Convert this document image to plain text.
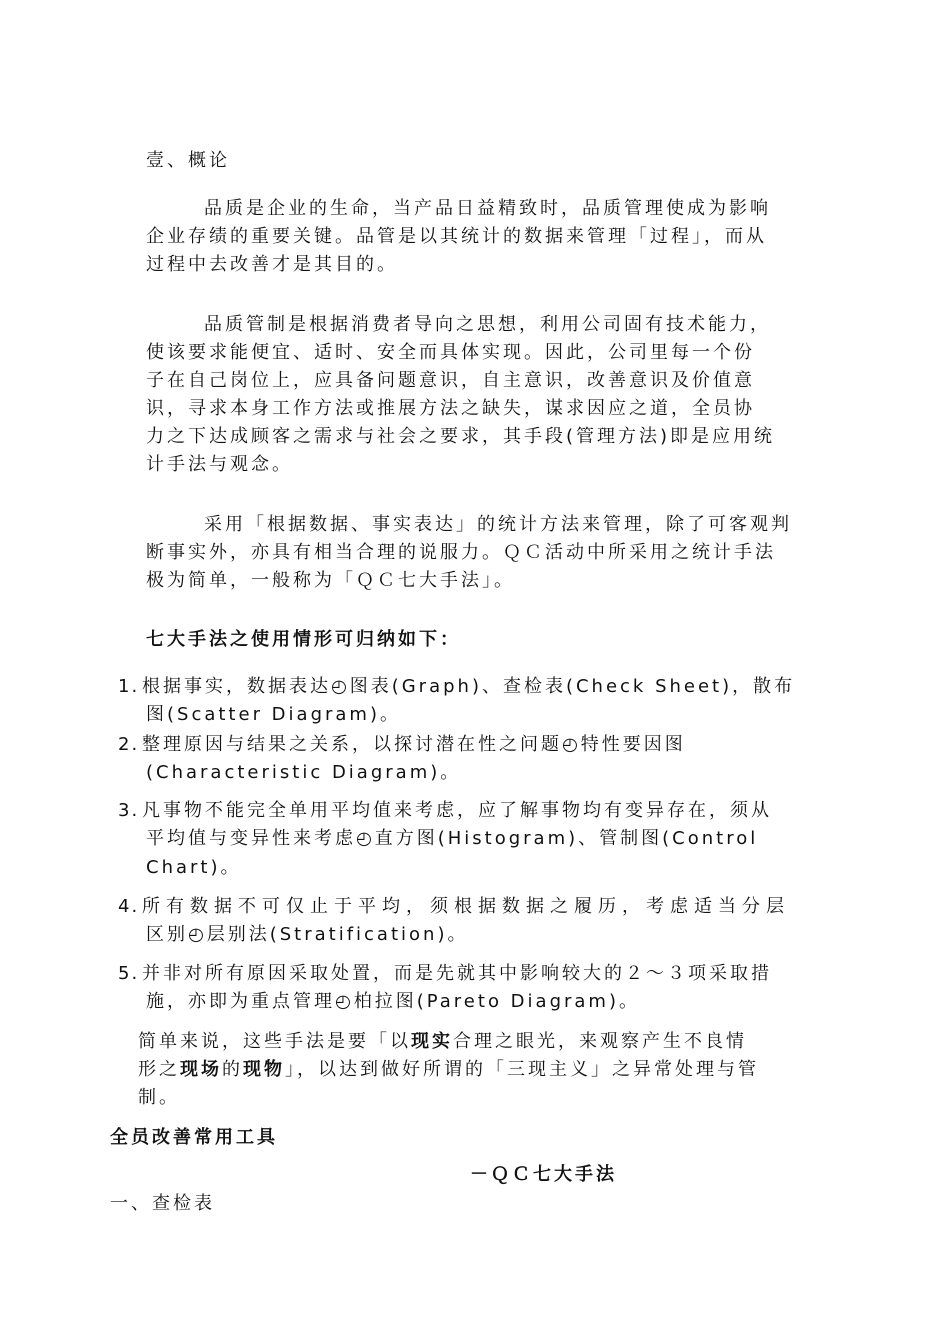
壹、概论
品质是企业的生命，当产品日益精致时，品质管理使成为影响
企业存绩的重要关键。品管是以其统计的数据来管理「过程」，而从
过程中去改善才是其目的。
品质管制是根据消费者导向之思想，利用公司固有技术能力，
使该要求能便宜、适时、安全而具体实现。因此，公司里每一个份
子在自己岗位上，应具备问题意识，自主意识，改善意识及价值意
识，寻求本身工作方法或推展方法之缺失，谋求因应之道，全员协
力之下达成顾客之需求与社会之要求，其手段(管理方法)即是应用统
计手法与观念。
采用「根据数据、事实表达」的统计方法来管理，除了可客观判
断事实外，亦具有相当合理的说服力。ＱＣ活动中所采用之统计手法
极为简单，一般称为「ＱＣ七大手法」。
七大手法之使用情形可归纳如下：
1. 根据事实，数据表达◴图表(Graph)、查检表(Check Sheet)，散布
图(Scatter Diagram)。
2. 整理原因与结果之关系，以探讨潜在性之问题◴特性要因图
(Characteristic Diagram)。
3. 凡事物不能完全单用平均值来考虑，应了解事物均有变异存在，须从
平均值与变异性来考虑◴直方图(Histogram)、管制图(Control
Chart)。
4. 所有数据不可仅止于平均，须根据数据之履历，考虑适当分层
区别◴层别法(Stratification)。
5. 并非对所有原因采取处置，而是先就其中影响较大的２～３项采取措
施，亦即为重点管理◴柏拉图(Pareto Diagram)。
简单来说，这些手法是要「以现实合理之眼光，来观察产生不良情
形之现场的现物」，以达到做好所谓的「三现主义」之异常处理与管
制。
全员改善常用工具
－ＱＣ七大手法
一、查检表
